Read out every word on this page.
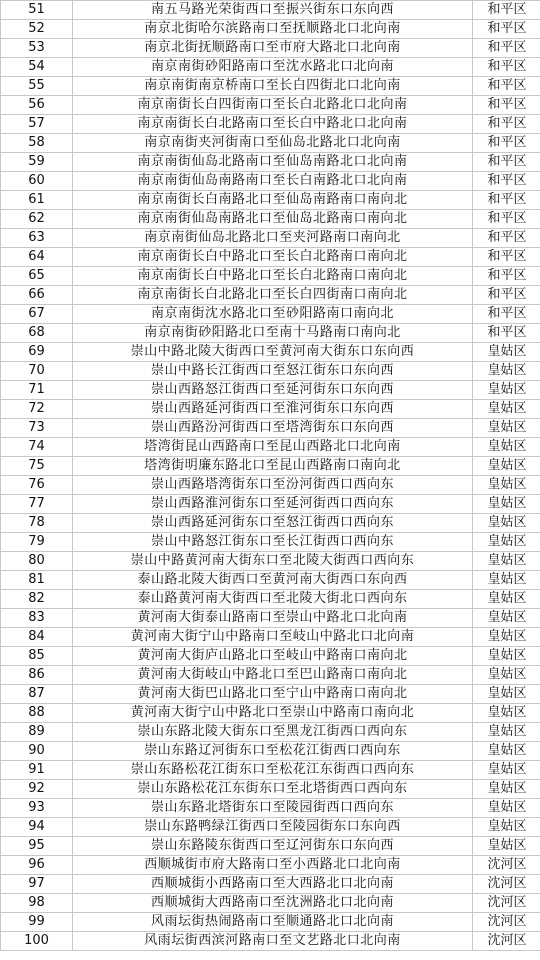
51	南五马路光荣街西口至振兴街东口东向西	和平区
52	南京北街哈尔滨路南口至抚顺路北口北向南	和平区
53	南京北街抚顺路南口至市府大路北口北向南	和平区
54	南京南街砂阳路南口至沈水路北口北向南	和平区
55	南京南街南京桥南口至长白四街北口北向南	和平区
56	南京南街长白四街南口至长白北路北口北向南	和平区
57	南京南街长白北路南口至长白中路北口北向南	和平区
58	南京南街夹河街南口至仙岛北路北口北向南	和平区
59	南京南街仙岛北路南口至仙岛南路北口北向南	和平区
60	南京南街仙岛南路南口至长白南路北口北向南	和平区
61	南京南街长白南路北口至仙岛南路南口南向北	和平区
62	南京南街仙岛南路北口至仙岛北路南口南向北	和平区
63	南京南街仙岛北路北口至夹河路南口南向北	和平区
64	南京南街长白中路北口至长白北路南口南向北	和平区
65	南京南街长白中路北口至长白北路南口南向北	和平区
66	南京南街长白北路北口至长白四街南口南向北	和平区
67	南京南街沈水路北口至砂阳路南口南向北	和平区
68	南京南街砂阳路北口至南十马路南口南向北	和平区
69	崇山中路北陵大街西口至黄河南大街东口东向西	皇姑区
70	崇山中路长江街西口至怒江街东口东向西	皇姑区
71	崇山西路怒江街西口至延河街东口东向西	皇姑区
72	崇山西路延河街西口至淮河街东口东向西	皇姑区
73	崇山西路汾河街西口至塔湾街东口东向西	皇姑区
74	塔湾街昆山西路南口至昆山西路北口北向南	皇姑区
75	塔湾街明廉东路北口至昆山西路南口南向北	皇姑区
76	崇山西路塔湾街东口至汾河街西口西向东	皇姑区
77	崇山西路淮河街东口至延河街西口西向东	皇姑区
78	崇山西路延河街东口至怒江街西口西向东	皇姑区
79	崇山中路怒江街东口至长江街西口西向东	皇姑区
80	崇山中路黄河南大街东口至北陵大街西口西向东	皇姑区
81	泰山路北陵大街西口至黄河南大街西口东向西	皇姑区
82	泰山路黄河南大街西口至北陵大街北口西向东	皇姑区
83	黄河南大街泰山路南口至崇山中路北口北向南	皇姑区
84	黄河南大街宁山中路南口至岐山中路北口北向南	皇姑区
85	黄河南大街庐山路北口至岐山中路南口南向北	皇姑区
86	黄河南大街岐山中路北口至巴山路南口南向北	皇姑区
87	黄河南大街巴山路北口至宁山中路南口南向北	皇姑区
88	黄河南大街宁山中路北口至崇山中路南口南向北	皇姑区
89	崇山东路北陵大街东口至黑龙江街西口西向东	皇姑区
90	崇山东路辽河街东口至松花江街西口西向东	皇姑区
91	崇山东路松花江街东口至松花江东街西口西向东	皇姑区
92	崇山东路松花江东街东口至北塔街西口西向东	皇姑区
93	崇山东路北塔街东口至陵园街西口西向东	皇姑区
94	崇山东路鸭绿江街西口至陵园街东口东向西	皇姑区
95	崇山东路陵东街西口至辽河街东口东向西	皇姑区
96	西顺城街市府大路南口至小西路北口北向南	沈河区
97	西顺城街小西路南口至大西路北口北向南	沈河区
98	西顺城街大西路南口至沈洲路北口北向南	沈河区
99	风雨坛街热闹路南口至顺通路北口北向南	沈河区
100	风雨坛街西滨河路南口至文艺路北口北向南	沈河区
